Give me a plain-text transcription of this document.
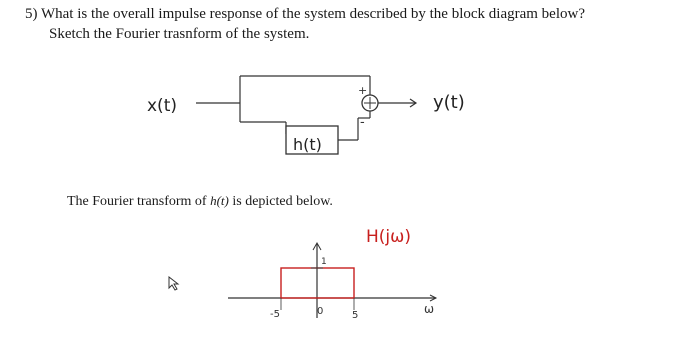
5) What is the overall impulse response of the system described by the block diagram below?
Sketch the Fourier trasnform of the system.
+
-
x(t)	y(t)
h(t)
The Fourier transform of h(t) is depicted below.
H(jω)
-5	0	5	ω
1
